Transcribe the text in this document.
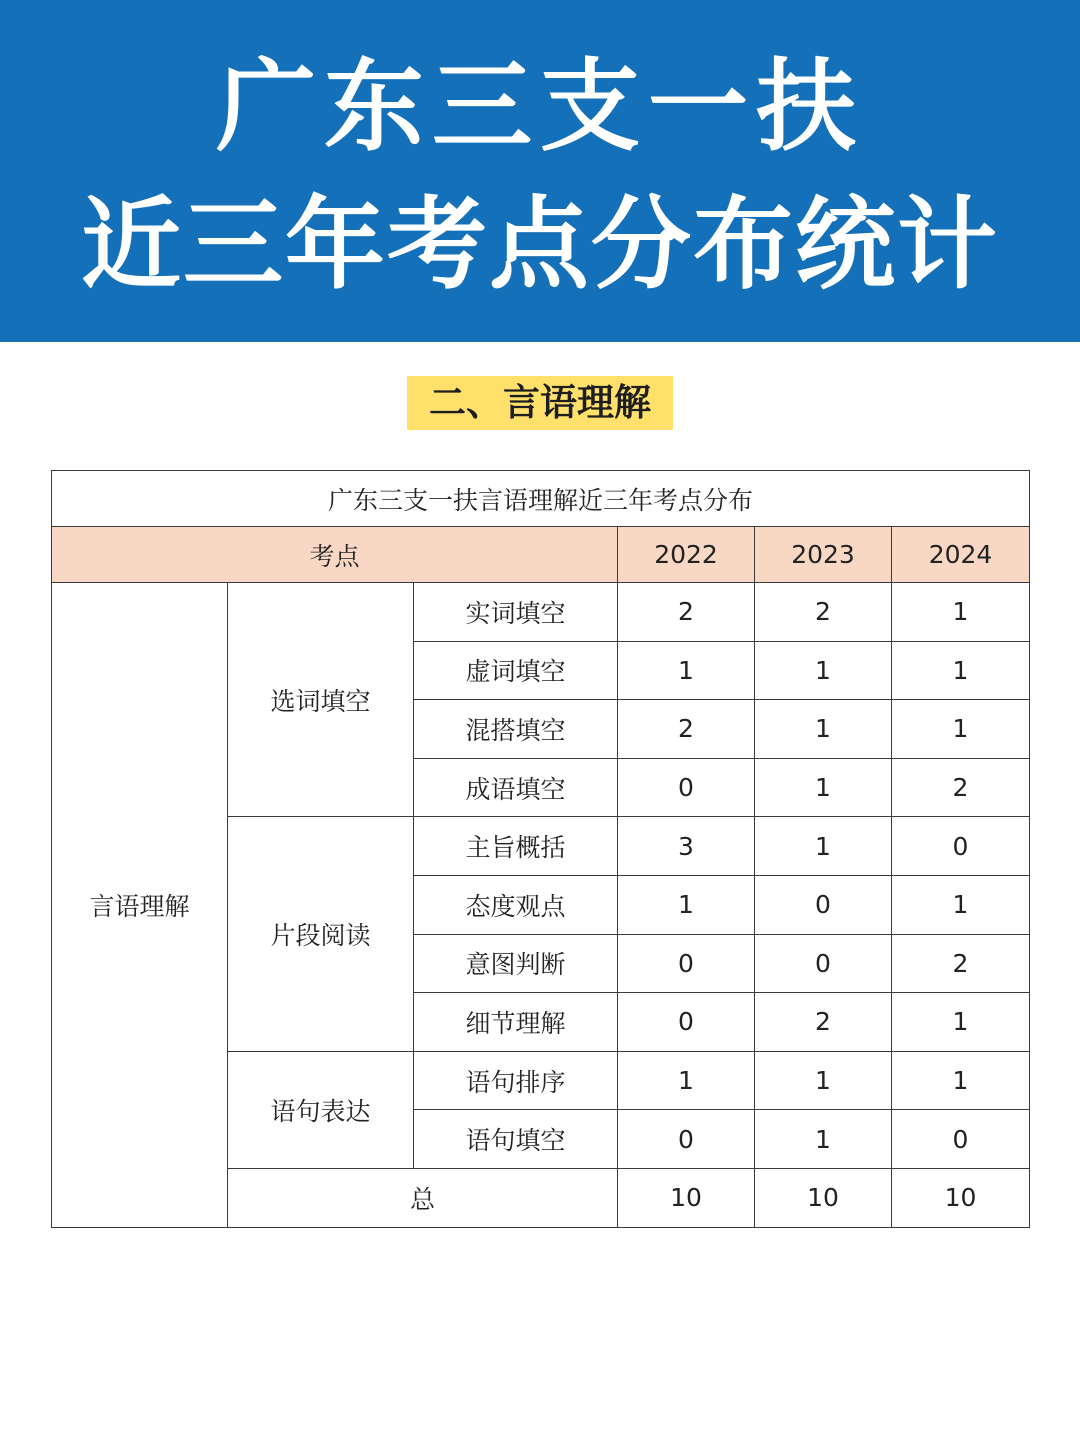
广东三支一扶
近三年考点分布统计
二、言语理解
广东三支一扶言语理解近三年考点分布					
考点			2022	2023	2024
言语理解	选词填空	实词填空	2	2	1
		虚词填空	1	1	1
		混搭填空	2	1	1
		成语填空	0	1	2
	片段阅读	主旨概括	3	1	0
		态度观点	1	0	1
		意图判断	0	0	2
		细节理解	0	2	1
	语句表达	语句排序	1	1	1
		语句填空	0	1	0
	总		10	10	10
